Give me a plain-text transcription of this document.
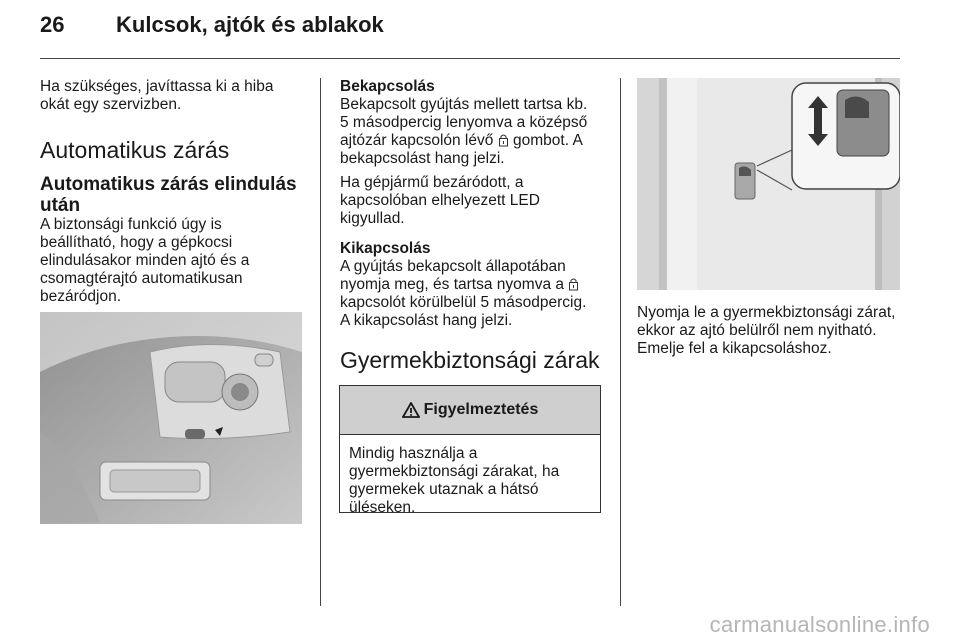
26 Kulcsok, ajtók és ablakok

Ha szükséges, javíttassa ki a hiba

okát egy szervizben.

Automatikus zárás

Automatikus zárás elindulás

után

A biztonsági funkció úgy is

beállítható, hogy a gépkocsi

elindulásakor minden ajtó és a

csomagtérajtó automatikusan

bezáródjon.

Bekapcsolás

Bekapcsolt gyújtás mellett tartsa kb.

5 másodpercig lenyomva a középső

ajtózár kapcsolón lévő gombot. A

bekapcsolást hang jelzi.

Ha gépjármű bezáródott, a

kapcsolóban elhelyezett LED

kigyullad.

Kikapcsolás

A gyújtás bekapcsolt állapotában

nyomja meg, és tartsa nyomva a

kapcsolót körülbelül 5 másodpercig.

A kikapcsolást hang jelzi.

Gyermekbiztonsági zárak

Figyelmeztetés

Mindig használja a

gyermekbiztonsági zárakat, ha

gyermekek utaznak a hátsó

üléseken.

Nyomja le a gyermekbiztonsági zárat,

ekkor az ajtó belülről nem nyitható.

Emelje fel a kikapcsoláshoz.

carmanualsonline.info
